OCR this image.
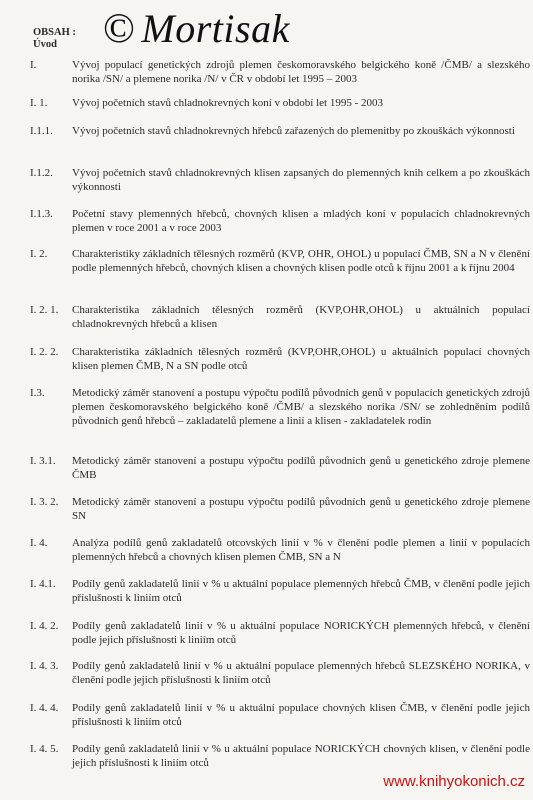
© Mortisak
OBSAH :
Úvod
I.	Vývoj populací genetických zdrojů plemen českomoravského belgického koně /ČMB/ a slezského norika /SN/ a plemene norika /N/ v ČR v období let 1995 – 2003
I. 1.	Vývoj početních stavů chladnokrevných koní v období let 1995 - 2003
I.1.1.	Vývoj početních stavů chladnokrevných hřebců zařazených do plemenitby po zkouškách výkonnosti
I.1.2.	Vývoj početních stavů chladnokrevných klisen zapsaných do plemenných knih celkem a po zkouškách výkonnosti
I.1.3.	Početní stavy plemenných hřebců, chovných klisen a mladých koní v populacích chladnokrevných plemen v roce 2001 a v roce 2003
I. 2.	Charakteristiky základních tělesných rozměrů (KVP, OHR, OHOL) u populací ČMB, SN a N v členění podle plemenných hřebců, chovných klisen a chovných klisen podle otců k říjnu 2001 a k říjnu 2004
I. 2. 1.	Charakteristika základních tělesných rozměrů (KVP,OHR,OHOL) u aktuálních populací chladnokrevných hřebců a klisen
I. 2. 2.	Charakteristika základních tělesných rozměrů (KVP,OHR,OHOL) u aktuálních populací chovných klisen plemen ČMB, N a SN podle otců
I.3.	Metodický záměr stanovení a postupu výpočtu podílů původních genů v populacích genetických zdrojů plemen českomoravského belgického koně /ČMB/ a slezského norika /SN/ se zohledněním podílů původních genů hřebců – zakladatelů plemene a linií a klisen - zakladatelek rodin
I. 3.1.	Metodický záměr stanovení a postupu výpočtu podílů původních genů u genetického zdroje plemene ČMB
I. 3. 2.	Metodický záměr stanovení a postupu výpočtu podílů původních genů u genetického zdroje plemene SN
I. 4.	Analýza podílů genů zakladatelů otcovských linií v % v členění podle plemen a linií v populacích plemenných hřebců a chovných klisen plemen ČMB, SN a N
I. 4.1.	Podíly genů zakladatelů linií v % u aktuální populace plemenných hřebců ČMB, v členění podle jejich příslušnosti k liniím otců
I. 4. 2.	Podíly genů zakladatelů linií v % u aktuální populace NORICKÝCH plemenných hřebců, v členění podle jejich příslušnosti k liniím otců
I. 4. 3.	Podíly genů zakladatelů linií v % u aktuální populace plemenných hřebců SLEZSKÉHO NORIKA, v členění podle jejich příslušnosti k liniím otců
I. 4. 4.	Podíly genů zakladatelů linií v % u aktuální populace chovných klisen ČMB, v členění podle jejich příslušnosti k liniím otců
I. 4. 5.	Podíly genů zakladatelů linií v % u aktuální populace NORICKÝCH chovných klisen, v členění podle jejich příslušnosti k liniím otců
www.knihyokonich.cz
